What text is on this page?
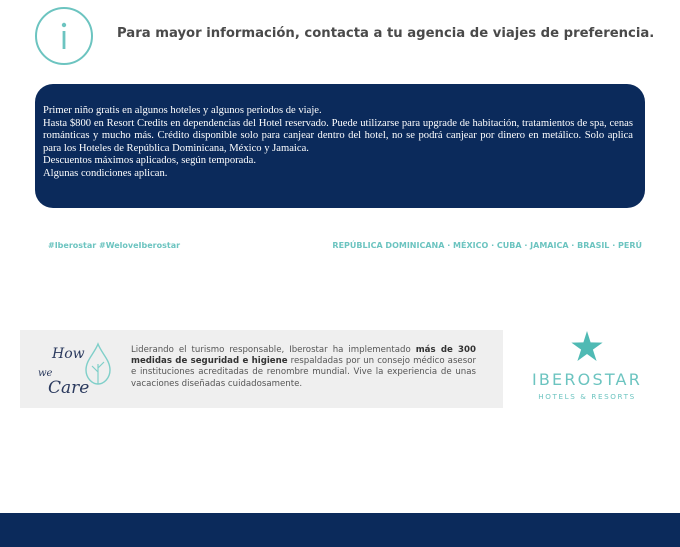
Para mayor información, contacta a tu agencia de viajes de preferencia.
Primer niño gratis en algunos hoteles y algunos periodos de viaje.
Hasta $800 en Resort Credits en dependencias del Hotel reservado. Puede utilizarse para upgrade de habitación, tratamientos de spa, cenas románticas y mucho más. Crédito disponible solo para canjear dentro del hotel, no se podrá canjear por dinero en metálico. Solo aplica para los Hoteles de República Dominicana, México y Jamaica.
Descuentos máximos aplicados, según temporada.
Algunas condiciones aplican.
#Iberostar #WeloveIberostar	REPÚBLICA DOMINICANA · MÉXICO · CUBA · JAMAICA · BRASIL · PERÚ
How
we
Care
Liderando el turismo responsable, Iberostar ha implementado más de 300 medidas de seguridad e higiene respaldadas por un consejo médico asesor e instituciones acreditadas de renombre mundial. Vive la experiencia de unas vacaciones diseñadas cuidadosamente.	IBEROSTAR
HOTELS & RESORTS
